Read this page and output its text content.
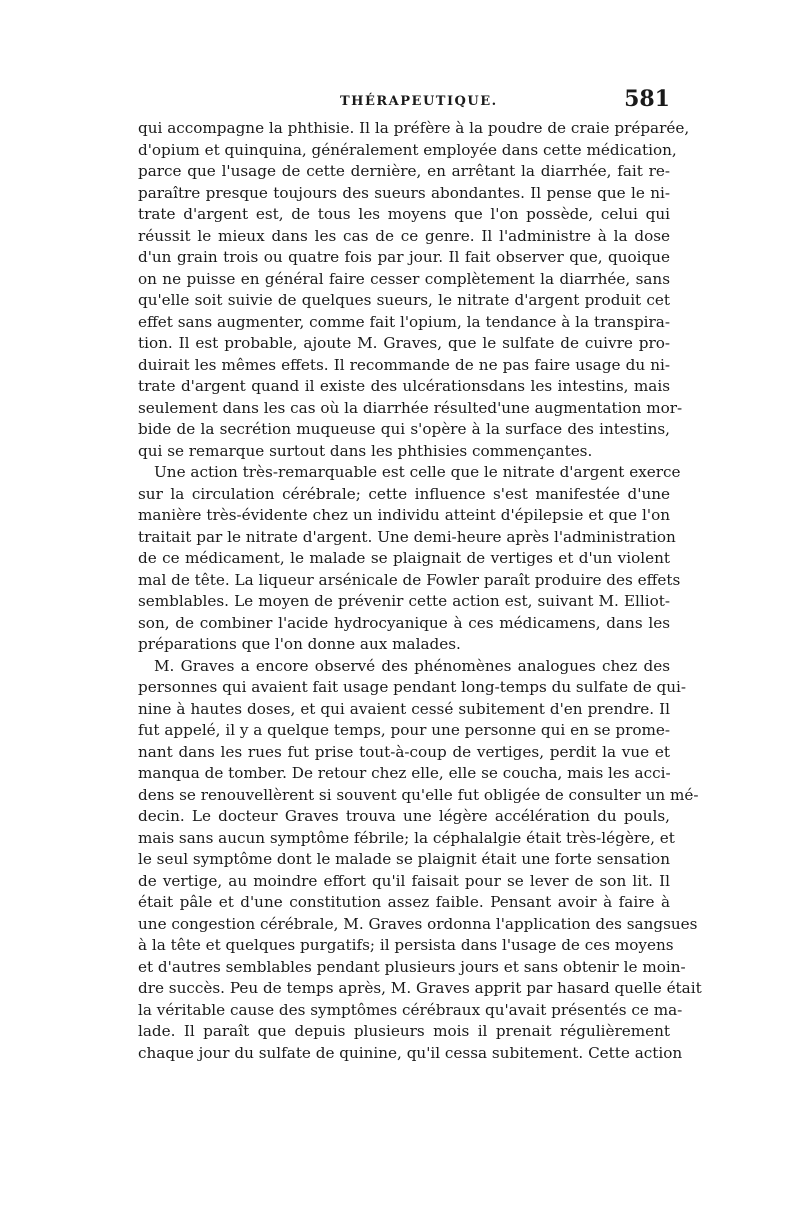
THÉRAPEUTIQUE.	581
qui accompagne la phthisie. Il la préfère à la poudre de craie préparée,
d'opium et quinquina, généralement employée dans cette médication,
parce que l'usage de cette dernière, en arrêtant la diarrhée, fait re-
paraître presque toujours des sueurs abondantes. Il pense que le ni-
trate d'argent est, de tous les moyens que l'on possède, celui qui
réussit le mieux dans les cas de ce genre. Il l'administre à la dose
d'un grain trois ou quatre fois par jour. Il fait observer que, quoique
on ne puisse en général faire cesser complètement la diarrhée, sans
qu'elle soit suivie de quelques sueurs, le nitrate d'argent produit cet
effet sans augmenter, comme fait l'opium, la tendance à la transpira-
tion. Il est probable, ajoute M. Graves, que le sulfate de cuivre pro-
duirait les mêmes effets. Il recommande de ne pas faire usage du ni-
trate d'argent quand il existe des ulcérationsdans les intestins, mais
seulement dans les cas où la diarrhée résulted'une augmentation mor-
bide de la secrétion muqueuse qui s'opère à la surface des intestins,
qui se remarque surtout dans les phthisies commençantes.
Une action très-remarquable est celle que le nitrate d'argent exerce
sur la circulation cérébrale; cette influence s'est manifestée d'une
manière très-évidente chez un individu atteint d'épilepsie et que l'on
traitait par le nitrate d'argent. Une demi-heure après l'administration
de ce médicament, le malade se plaignait de vertiges et d'un violent
mal de tête. La liqueur arsénicale de Fowler paraît produire des effets
semblables. Le moyen de prévenir cette action est, suivant M. Elliot-
son, de combiner l'acide hydrocyanique à ces médicamens, dans les
préparations que l'on donne aux malades.
M. Graves a encore observé des phénomènes analogues chez des
personnes qui avaient fait usage pendant long-temps du sulfate de qui-
nine à hautes doses, et qui avaient cessé subitement d'en prendre. Il
fut appelé, il y a quelque temps, pour une personne qui en se prome-
nant dans les rues fut prise tout-à-coup de vertiges, perdit la vue et
manqua de tomber. De retour chez elle, elle se coucha, mais les acci-
dens se renouvellèrent si souvent qu'elle fut obligée de consulter un mé-
decin. Le docteur Graves trouva une légère accélération du pouls,
mais sans aucun symptôme fébrile; la céphalalgie était très-légère, et
le seul symptôme dont le malade se plaignit était une forte sensation
de vertige, au moindre effort qu'il faisait pour se lever de son lit. Il
était pâle et d'une constitution assez faible. Pensant avoir à faire à
une congestion cérébrale, M. Graves ordonna l'application des sangsues
à la tête et quelques purgatifs; il persista dans l'usage de ces moyens
et d'autres semblables pendant plusieurs jours et sans obtenir le moin-
dre succès. Peu de temps après, M. Graves apprit par hasard quelle était
la véritable cause des symptômes cérébraux qu'avait présentés ce ma-
lade. Il paraît que depuis plusieurs mois il prenait régulièrement
chaque jour du sulfate de quinine, qu'il cessa subitement. Cette action
